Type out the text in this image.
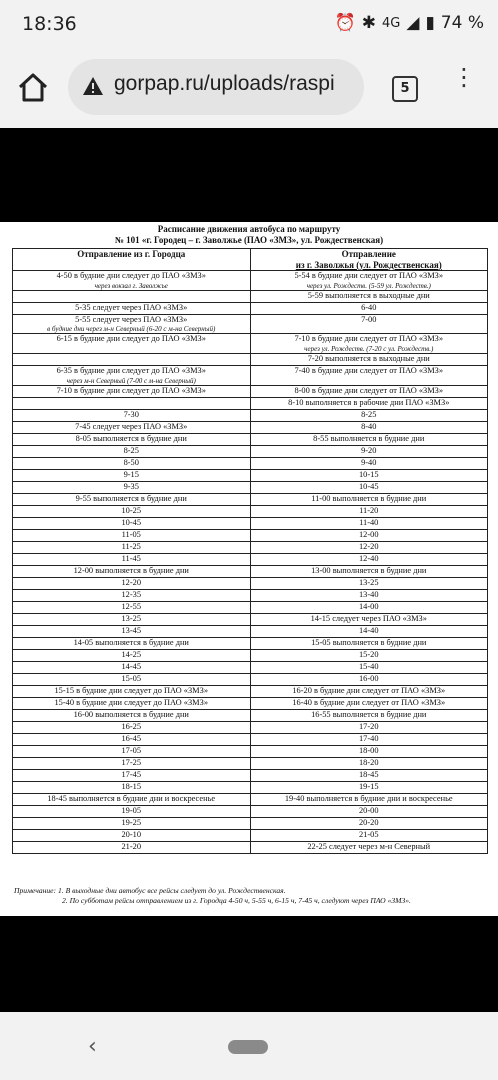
18:36	⏰ ✱ 4G ◢ ▮ 74 %
gorpap.ru/uploads/raspi	5	⋮
Расписание движения автобуса по маршруту
№ 101 «г. Городец – г. Заволжье (ПАО «ЗМЗ», ул. Рождественская)
Отправление из г. Городца	Отправление
из г. Заволжья (ул. Рождественская)

4-50 в будние дни следует до ПАО «ЗМЗ»
через вокзал г. Заволжье	5-54 в будние дни следует от ПАО «ЗМЗ»
через ул. Рождеств. (5-59 ул. Рождеств.)

	5-59 выполняется в выходные дни
5-35 следует через ПАО «ЗМЗ»	6-40
5-55 следует через ПАО «ЗМЗ»
в будние дни через м-н Северный (6-20 с м-на Северный)	7-00
6-15 в будние дни следует до ПАО «ЗМЗ»	7-10 в будние дни следует от ПАО «ЗМЗ»
через ул. Рождеств. (7-20 с ул. Рождеств.)

	7-20 выполняется в выходные дни
6-35 в будние дни следует до ПАО «ЗМЗ»
через м-н Северный (7-00 с м-на Северный)	7-40 в будние дни следует от ПАО «ЗМЗ»
7-10 в будние дни следует до ПАО «ЗМЗ»	8-00 в будние дни следует от ПАО «ЗМЗ»
	8-10 выполняется в рабочие дни ПАО «ЗМЗ»
7-30	8-25
7-45 следует через ПАО «ЗМЗ»	8-40
8-05 выполняется в будние дни	8-55 выполняется в будние дни
8-25	9-20
8-50	9-40
9-15	10-15
9-35	10-45
9-55 выполняется в будние дни	11-00 выполняется в будние дни
10-25	11-20
10-45	11-40
11-05	12-00
11-25	12-20
11-45	12-40
12-00 выполняется в будние дни	13-00 выполняется в будние дни
12-20	13-25
12-35	13-40
12-55	14-00
13-25	14-15 следует через ПАО «ЗМЗ»
13-45	14-40
14-05 выполняется в будние дни	15-05 выполняется в будние дни
14-25	15-20
14-45	15-40
15-05	16-00
15-15 в будние дни следует до ПАО «ЗМЗ»	16-20 в будние дни следует от ПАО «ЗМЗ»
15-40 в будние дни следует до ПАО «ЗМЗ»	16-40 в будние дни следует от ПАО «ЗМЗ»
16-00 выполняется в будние дни	16-55 выполняется в будние дни
16-25	17-20
16-45	17-40
17-05	18-00
17-25	18-20
17-45	18-45
18-15	19-15
18-45 выполняется в будние дни и воскресенье	19-40 выполняется в будние дни и воскресенье
19-05	20-00
19-25	20-20
20-10	21-05
21-20	22-25 следует через м-н Северный
Примечание: 1. В выходные дни автобус все рейсы следует до ул. Рождественская.
2. По субботам рейсы отправлением из г. Городца 4-50 ч, 5-55 ч, 6-15 ч, 7-45 ч, следуют через ПАО «ЗМЗ».
‹
